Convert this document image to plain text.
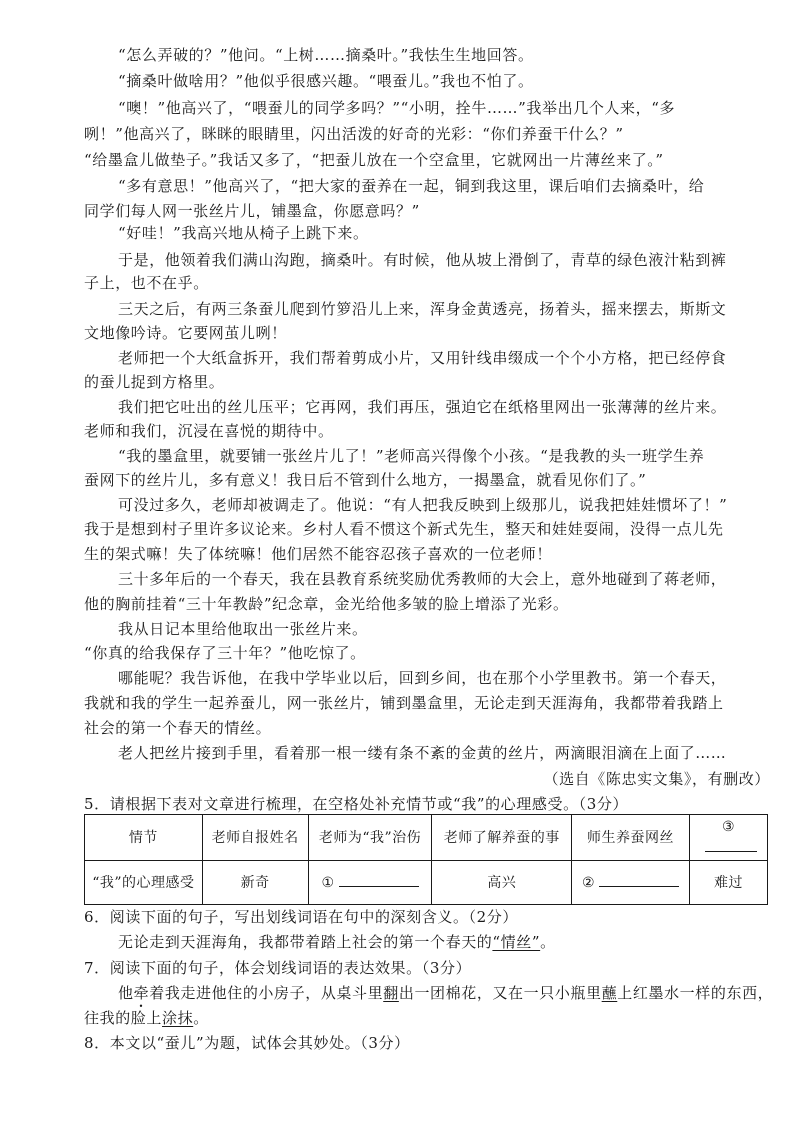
“怎么弄破的？”他问。“上树……摘桑叶。”我怯生生地回答。
“摘桑叶做啥用？”他似乎很感兴趣。“喂蚕儿。”我也不怕了。
“噢！”他高兴了，“喂蚕儿的同学多吗？”“小明，拴牛……”我举出几个人来，“多
咧！”他高兴了，眯眯的眼睛里，闪出活泼的好奇的光彩：“你们养蚕干什么？”
“给墨盒儿做垫子。”我话又多了，“把蚕儿放在一个空盒里，它就网出一片薄丝来了。”
“多有意思！”他高兴了，“把大家的蚕养在一起，铜到我这里，课后咱们去摘桑叶，给
同学们每人网一张丝片儿，铺墨盒，你愿意吗？”
“好哇！”我高兴地从椅子上跳下来。
于是，他领着我们满山沟跑，摘桑叶。有时候，他从坡上滑倒了，青草的绿色液汁粘到裤
子上，也不在乎。
三天之后，有两三条蚕儿爬到竹箩沿儿上来，浑身金黄透亮，扬着头，摇来摆去，斯斯文
文地像吟诗。它要网茧儿咧！
老师把一个大纸盒拆开，我们帮着剪成小片，又用针线串缀成一个个小方格，把已经停食
的蚕儿捉到方格里。
我们把它吐出的丝儿压平；它再网，我们再压，强迫它在纸格里网出一张薄薄的丝片来。
老师和我们，沉浸在喜悦的期待中。
“我的墨盒里，就要铺一张丝片儿了！”老师高兴得像个小孩。“是我教的头一班学生养
蚕网下的丝片儿，多有意义！我日后不管到什么地方，一揭墨盒，就看见你们了。”
可没过多久，老师却被调走了。他说：“有人把我反映到上级那儿，说我把娃娃惯坏了！”
我于是想到村子里许多议论来。乡村人看不惯这个新式先生，整天和娃娃耍闹，没得一点儿先
生的架式嘛！失了体统嘛！他们居然不能容忍孩子喜欢的一位老师！
三十多年后的一个春天，我在县教育系统奖励优秀教师的大会上，意外地碰到了蒋老师，
他的胸前挂着“三十年教龄”纪念章，金光给他多皱的脸上增添了光彩。
我从日记本里给他取出一张丝片来。
“你真的给我保存了三十年？”他吃惊了。
哪能呢？我告诉他，在我中学毕业以后，回到乡间，也在那个小学里教书。第一个春天，
我就和我的学生一起养蚕儿，网一张丝片，铺到墨盒里，无论走到天涯海角，我都带着我踏上
社会的第一个春天的情丝。
老人把丝片接到手里，看着那一根一缕有条不紊的金黄的丝片，两滴眼泪滴在上面了……
（选自《陈忠实文集》，有删改）
5．请根据下表对文章进行梳理，在空格处补充情节或“我”的心理感受。（3分）
情节	老师自报姓名	老师为“我”治伤	老师了解养蚕的事	师生养蚕网丝	③
“我”的心理感受	新奇	①	高兴	②	难过
6．阅读下面的句子，写出划线词语在句中的深刻含义。（2分）
无论走到天涯海角，我都带着踏上社会的第一个春天的“情丝”。
7．阅读下面的句子，体会划线词语的表达效果。（3分）
他牵着我走进他住的小房子，从桌斗里翻出一团棉花，又在一只小瓶里蘸上红墨水一样的东西，
往我的脸上涂抹。
8．本文以“蚕儿”为题，试体会其妙处。（3分）
